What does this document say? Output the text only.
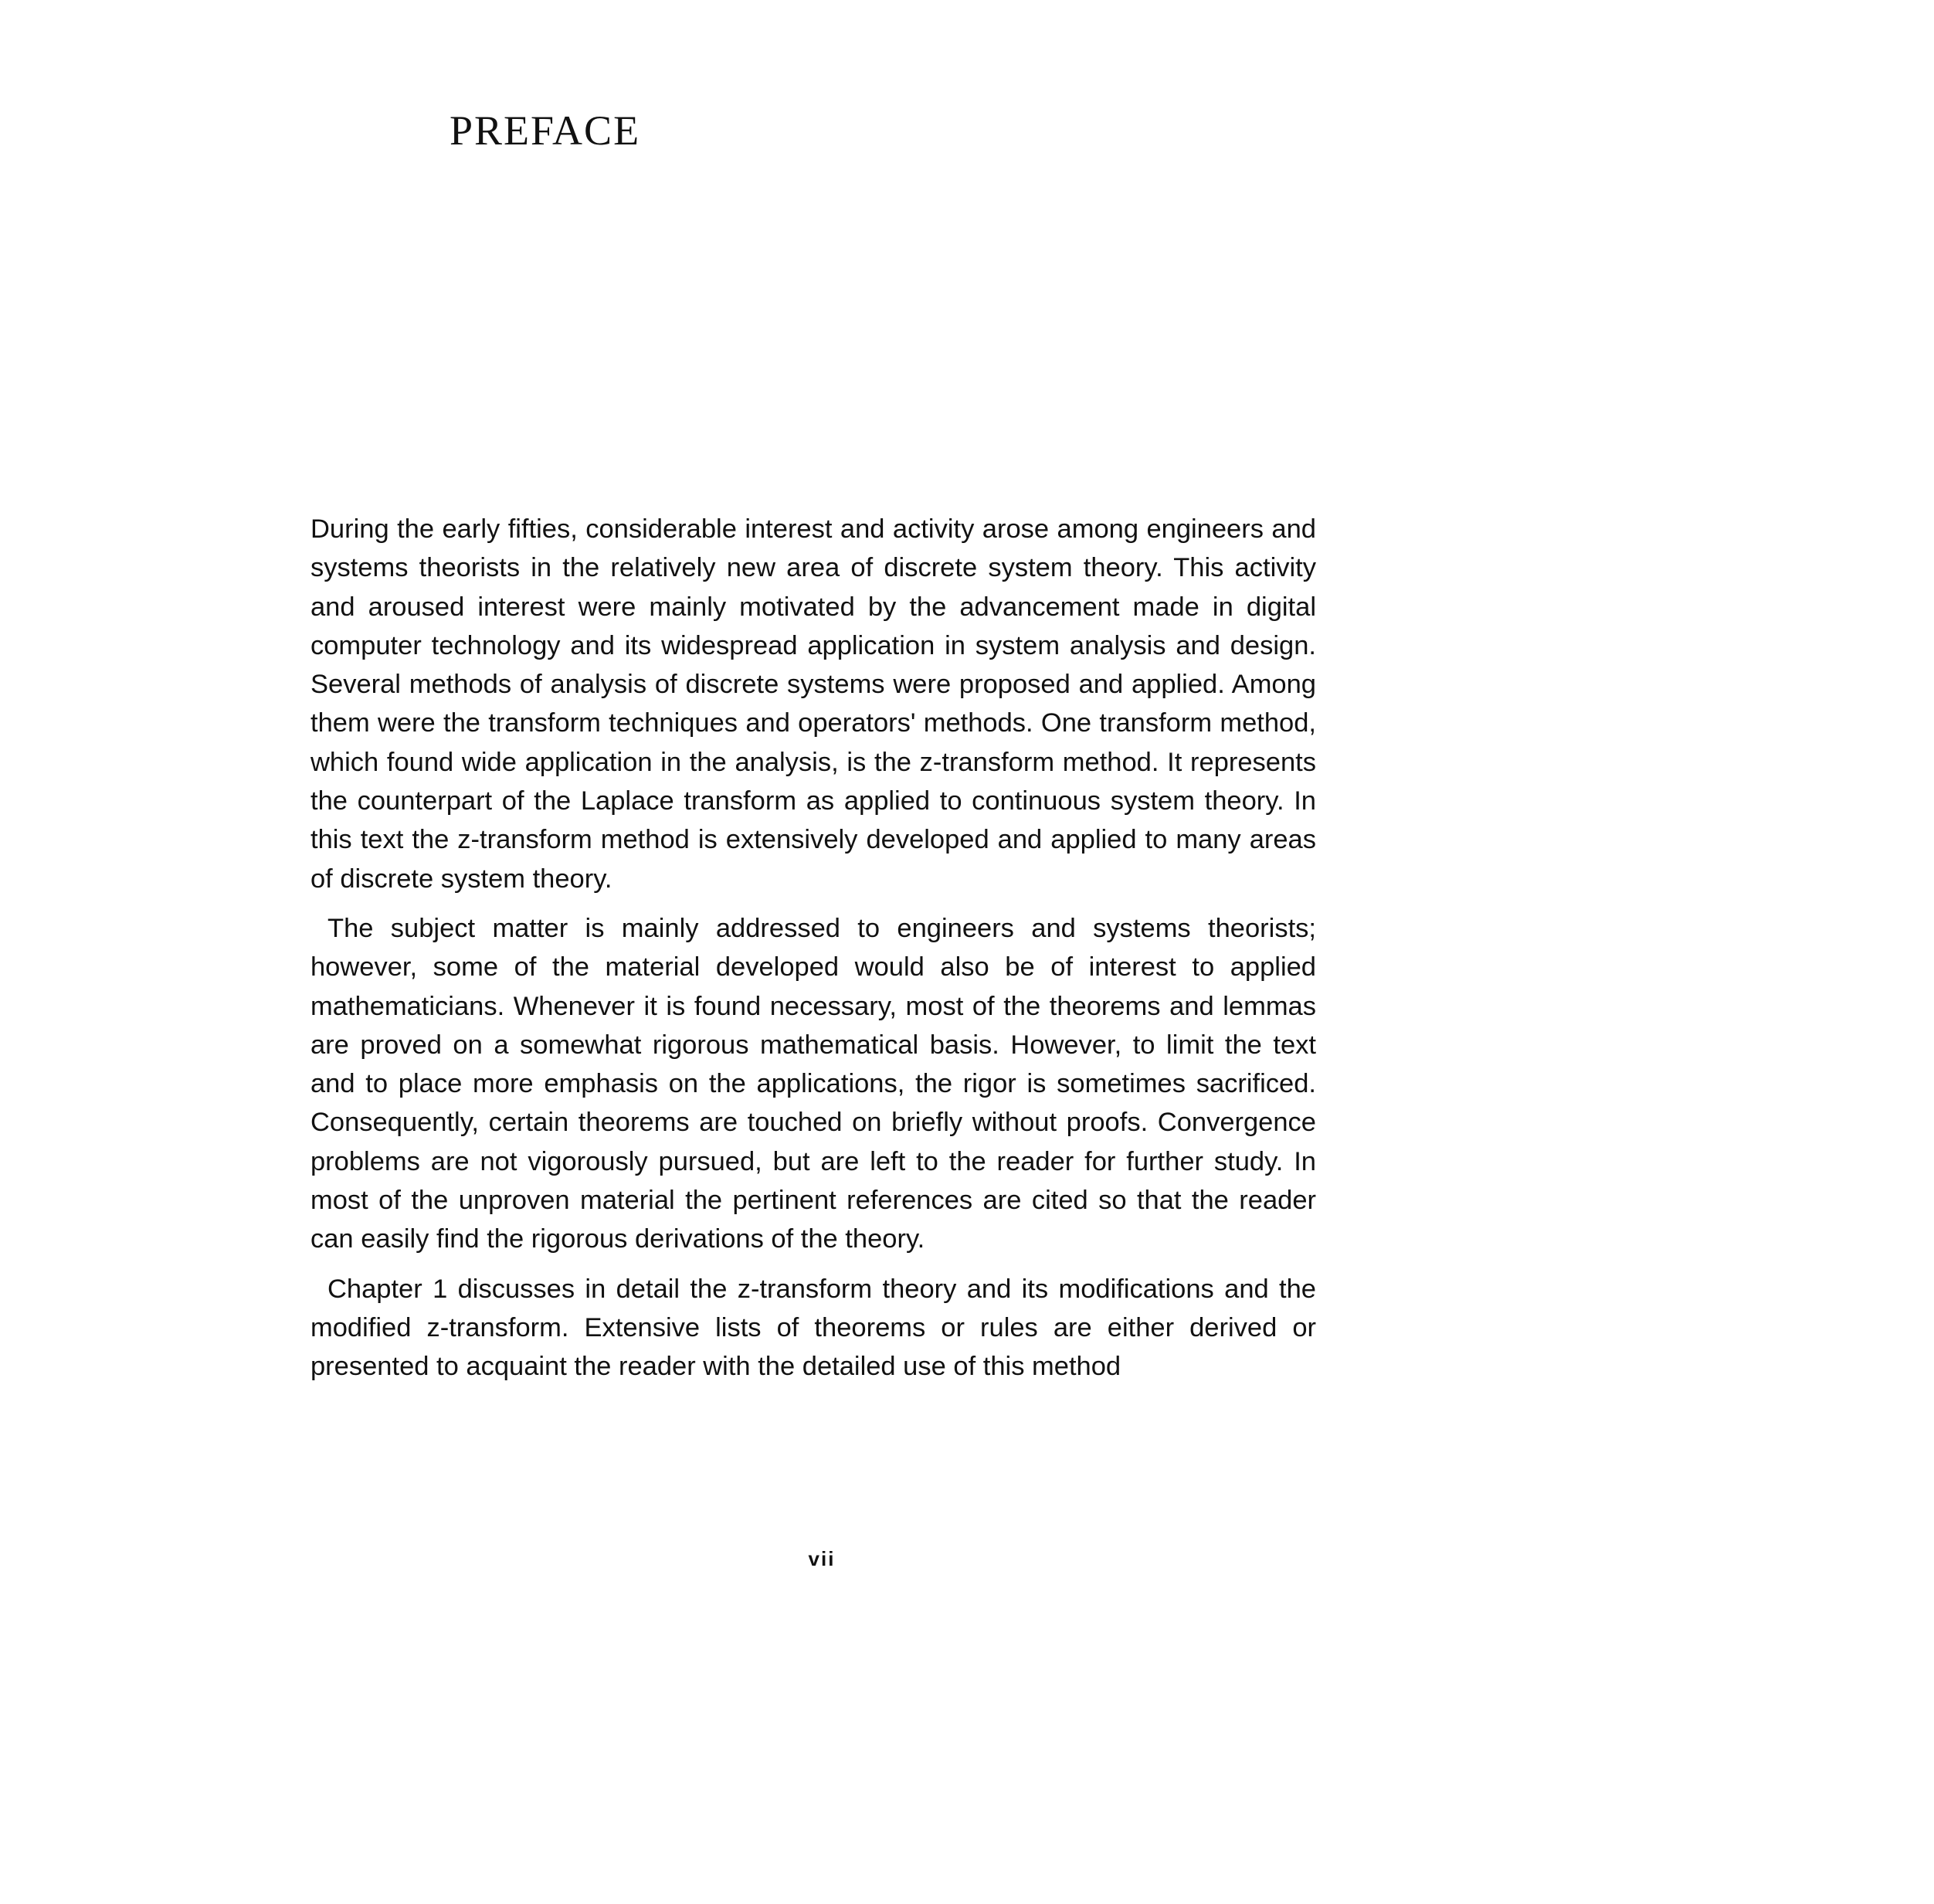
PREFACE

During the early fifties, considerable interest and activity arose among engineers and systems theorists in the relatively new area of discrete system theory. This activity and aroused interest were mainly motivated by the advancement made in digital computer technology and its widespread application in system analysis and design. Several methods of analysis of discrete systems were proposed and applied. Among them were the transform techniques and operators' methods. One transform method, which found wide application in the analysis, is the z-transform method. It represents the counterpart of the Laplace transform as applied to continuous system theory. In this text the z-transform method is extensively developed and applied to many areas of discrete system theory.

The subject matter is mainly addressed to engineers and systems theorists; however, some of the material developed would also be of interest to applied mathematicians. Whenever it is found necessary, most of the theorems and lemmas are proved on a somewhat rigorous mathematical basis. However, to limit the text and to place more emphasis on the applications, the rigor is sometimes sacrificed. Consequently, certain theorems are touched on briefly without proofs. Convergence problems are not vigorously pursued, but are left to the reader for further study. In most of the unproven material the pertinent references are cited so that the reader can easily find the rigorous derivations of the theory.

Chapter 1 discusses in detail the z-transform theory and its modifications and the modified z-transform. Extensive lists of theorems or rules are either derived or presented to acquaint the reader with the detailed use of this method

vii
